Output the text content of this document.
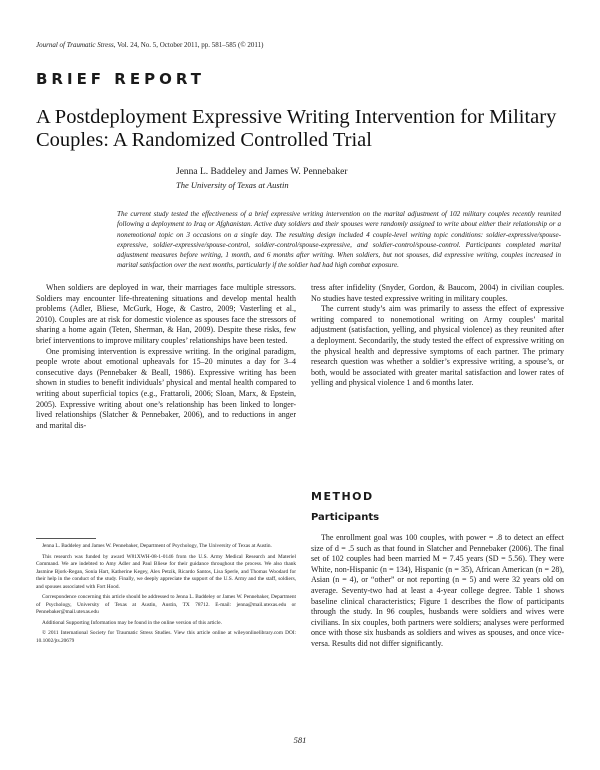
Journal of Traumatic Stress, Vol. 24, No. 5, October 2011, pp. 581–585 (© 2011)
BRIEF REPORT
A Postdeployment Expressive Writing Intervention for Military Couples: A Randomized Controlled Trial
Jenna L. Baddeley and James W. Pennebaker
The University of Texas at Austin
The current study tested the effectiveness of a brief expressive writing intervention on the marital adjustment of 102 military couples recently reunited following a deployment to Iraq or Afghanistan. Active duty soldiers and their spouses were randomly assigned to write about either their relationship or a nonemotional topic on 3 occasions on a single day. The resulting design included 4 couple-level writing topic conditions: soldier-expressive/spouse-expressive, soldier-expressive/spouse-control, soldier-control/spouse-expressive, and soldier-control/spouse-control. Participants completed marital adjustment measures before writing, 1 month, and 6 months after writing. When soldiers, but not spouses, did expressive writing, couples increased in marital satisfaction over the next months, particularly if the soldier had had high combat exposure.

When soldiers are deployed in war, their marriages face multiple stressors. Soldiers may encounter life-threatening situations and develop mental health problems (Adler, Bliese, McGurk, Hoge, & Castro, 2009; Vasterling et al., 2010). Couples are at risk for domestic violence as spouses face the stressors of sharing a home again (Teten, Sherman, & Han, 2009). Despite these risks, few brief interventions to improve military couples’ relationships have been tested.

One promising intervention is expressive writing. In the original paradigm, people wrote about emotional upheavals for 15–20 minutes a day for 3–4 consecutive days (Pennebaker & Beall, 1986). Expressive writing has been shown in studies to benefit individuals’ physical and mental health compared to writing about superficial topics (e.g., Frattaroli, 2006; Sloan, Marx, & Epstein, 2005). Expressive writing about one’s relationship has been linked to longer-lived relationships (Slatcher & Pennebaker, 2006), and to reductions in anger and marital dis-

tress after infidelity (Snyder, Gordon, & Baucom, 2004) in civilian couples. No studies have tested expressive writing in military couples.

The current study’s aim was primarily to assess the effect of expressive writing compared to nonemotional writing on Army couples’ marital adjustment (satisfaction, yelling, and physical violence) as they reunited after a deployment. Secondarily, the study tested the effect of expressive writing on the physical health and depressive symptoms of each partner. The primary research question was whether a soldier’s expressive writing, a spouse’s, or both, would be associated with greater marital satisfaction and lower rates of yelling and physical violence 1 and 6 months later.

METHOD
Participants

The enrollment goal was 100 couples, with power = .8 to detect an effect size of d = .5 such as that found in Slatcher and Pennebaker (2006). The final set of 102 couples had been married M = 7.45 years (SD = 5.56). They were White, non-Hispanic (n = 134), Hispanic (n = 35), African American (n = 28), Asian (n = 4), or “other” or not reporting (n = 5) and were 32 years old on average. Seventy-two had at least a 4-year college degree. Table 1 shows baseline clinical characteristics; Figure 1 describes the flow of participants through the study. In 96 couples, husbands were soldiers and wives were civilians. In six couples, both partners were soldiers; analyses were performed once with those six husbands as soldiers and wives as spouses, and once vice-versa. Results did not differ significantly.

Jenna L. Baddeley and James W. Pennebaker, Department of Psychology, The University of Texas at Austin.

This research was funded by award W81XWH-08-1-0146 from the U.S. Army Medical Research and Materiel Command. We are indebted to Amy Adler and Paul Bliese for their guidance throughout the process. We also thank Jasmine Bjork-Regan, Sonia Hart, Katherine Kegey, Alex Petzik, Ricardo Santos, Lisa Sperle, and Thomas Woodard for their help in the conduct of the study. Finally, we deeply appreciate the support of the U.S. Army and the staff, soldiers, and spouses associated with Fort Hood.

Correspondence concerning this article should be addressed to Jenna L. Baddeley or James W. Pennebaker, Department of Psychology, University of Texas at Austin, Austin, TX 78712. E-mail: jenna@mail.utexas.edu or Pennebaker@mail.utexas.edu

Additional Supporting Information may be found in the online version of this article.

© 2011 International Society for Traumatic Stress Studies. View this article online at wileyonlinelibrary.com DOI: 10.1002/jts.20679

581
